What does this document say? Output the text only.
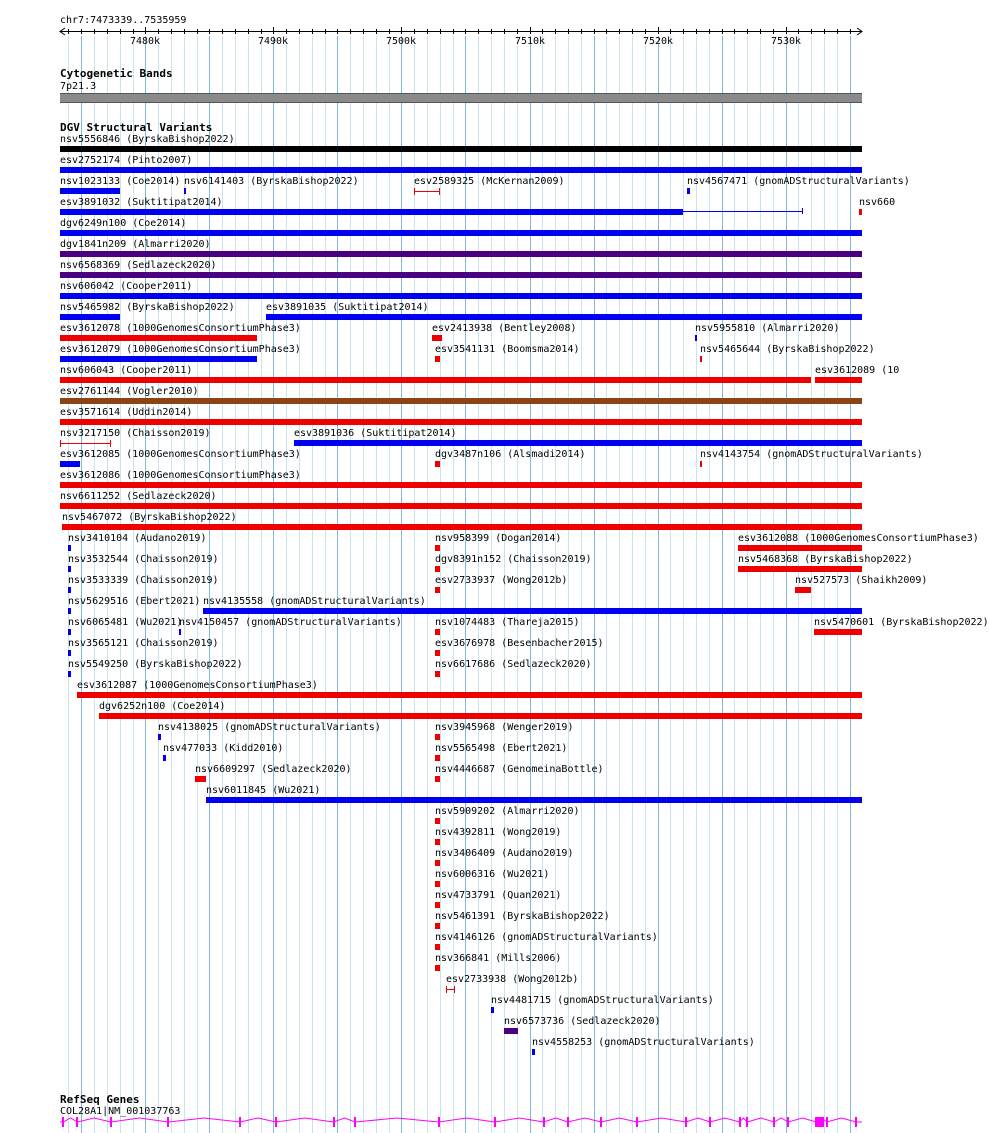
7480k	7490k	7500k	7510k	7520k	7530k
chr7:7473339..7535959
Cytogenetic Bands
7p21.3
DGV Structural Variants
nsv5556846 (ByrskaBishop2022)
esv2752174 (Pinto2007)
nsv1023133 (Coe2014) nsv6141403 (ByrskaBishop2022)	esv2589325 (McKernan2009)	nsv4567471 (gnomADStructuralVariants)
esv3891032 (Suktitipat2014)	nsv660
dgv6249n100 (Coe2014)
dgv1841n209 (Almarri2020)
nsv6568369 (Sedlazeck2020)
nsv606042 (Cooper2011)
nsv5465982 (ByrskaBishop2022)	esv3891035 (Suktitipat2014)
esv3612078 (1000GenomesConsortiumPhase3)	esv2413938 (Bentley2008)	nsv5955810 (Almarri2020)
esv3612079 (1000GenomesConsortiumPhase3)	esv3541131 (Boomsma2014)	nsv5465644 (ByrskaBishop2022)
nsv606043 (Cooper2011)	esv3612089 (10
esv2761144 (Vogler2010)
esv3571614 (Uddin2014)
nsv3217150 (Chaisson2019)	esv3891036 (Suktitipat2014)
esv3612085 (1000GenomesConsortiumPhase3)	dgv3487n106 (Alsmadi2014)	nsv4143754 (gnomADStructuralVariants)
esv3612086 (1000GenomesConsortiumPhase3)
nsv6611252 (Sedlazeck2020)
nsv5467072 (ByrskaBishop2022)
nsv3410104 (Audano2019)	nsv958399 (Dogan2014)	esv3612088 (1000GenomesConsortiumPhase3)
nsv3532544 (Chaisson2019)	dgv8391n152 (Chaisson2019)	nsv5468368 (ByrskaBishop2022)
nsv3533339 (Chaisson2019)	esv2733937 (Wong2012b)	nsv527573 (Shaikh2009)
nsv5629516 (Ebert2021) nsv4135558 (gnomADStructuralVariants)
nsv6065481 (Wu2021)
nsv4150457 (gnomADStructuralVariants)	nsv1074483 (Thareja2015)	nsv5470601 (ByrskaBishop2022)
nsv3565121 (Chaisson2019)	esv3676978 (Besenbacher2015)
nsv5549250 (ByrskaBishop2022)	nsv6617686 (Sedlazeck2020)
esv3612087 (1000GenomesConsortiumPhase3)
dgv6252n100 (Coe2014)
nsv4138025 (gnomADStructuralVariants)	nsv3945968 (Wenger2019)
nsv477033 (Kidd2010)	nsv5565498 (Ebert2021)
nsv6609297 (Sedlazeck2020)	nsv4446687 (GenomeinaBottle)
nsv6011845 (Wu2021)
nsv5909202 (Almarri2020)
nsv4392811 (Wong2019)
nsv3406409 (Audano2019)
nsv6006316 (Wu2021)
nsv4733791 (Quan2021)
nsv5461391 (ByrskaBishop2022)
nsv4146126 (gnomADStructuralVariants)
nsv366841 (Mills2006)
esv2733938 (Wong2012b)
nsv4481715 (gnomADStructuralVariants)
nsv6573736 (Sedlazeck2020)
nsv4558253 (gnomADStructuralVariants)
RefSeq Genes
COL28A1|NM_001037763
